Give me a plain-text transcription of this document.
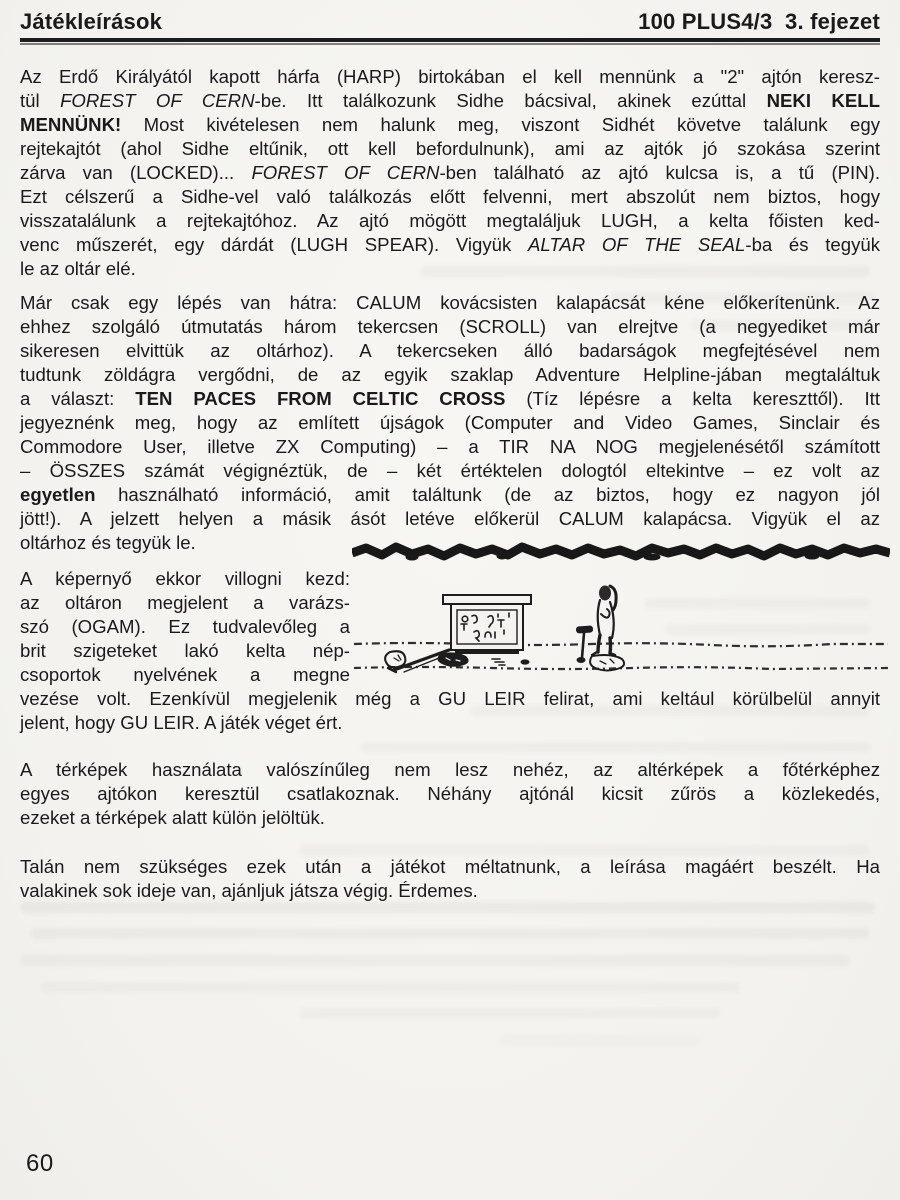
Játékleírások	100 PLUS4/3  3. fejezet
Az Erdő Királyától kapott hárfa (HARP) birtokában el kell mennünk a "2" ajtón keresz-
tül FOREST OF CERN-be. Itt találkozunk Sidhe bácsival, akinek ezúttal NEKI KELL
MENNÜNK! Most kivételesen nem halunk meg, viszont Sidhét követve találunk egy
rejtekajtót (ahol Sidhe eltűnik, ott kell befordulnunk), ami az ajtók jó szokása szerint
zárva van (LOCKED)... FOREST OF CERN-ben található az ajtó kulcsa is, a tű (PIN).
Ezt célszerű a Sidhe-vel való találkozás előtt felvenni, mert abszolút nem biztos, hogy
visszatalálunk a rejtekajtóhoz. Az ajtó mögött megtaláljuk LUGH, a kelta főisten ked-
venc műszerét, egy dárdát (LUGH SPEAR). Vigyük ALTAR OF THE SEAL-ba és tegyük
le az oltár elé.
Már csak egy lépés van hátra: CALUM kovácsisten kalapácsát kéne előkerítenünk. Az
ehhez szolgáló útmutatás három tekercsen (SCROLL) van elrejtve (a negyediket már
sikeresen elvittük az oltárhoz). A tekercseken álló badarságok megfejtésével nem
tudtunk zöldágra vergődni, de az egyik szaklap Adventure Helpline-jában megtaláltuk
a választ: TEN PACES FROM CELTIC CROSS (Tíz lépésre a kelta kereszttől). Itt
jegyeznénk meg, hogy az említett újságok (Computer and Video Games, Sinclair és
Commodore User, illetve ZX Computing) – a TIR NA NOG megjelenésétől számított
– ÖSSZES számát végignéztük, de – két értéktelen dologtól eltekintve – ez volt az
egyetlen használható információ, amit találtunk (de az biztos, hogy ez nagyon jól
jött!). A jelzett helyen a másik ásót letéve előkerül CALUM kalapácsa. Vigyük el az
oltárhoz és tegyük le.
A képernyő ekkor villogni kezd:
az oltáron megjelent a varázs-
szó (OGAM). Ez tudvalevőleg a
brit szigeteket lakó kelta nép-
csoportok nyelvének a megne
vezése volt. Ezenkívül megjelenik még a GU LEIR felirat, ami keltául körülbelül annyit
jelent, hogy GU LEIR. A játék véget ért.
A térképek használata valószínűleg nem lesz nehéz, az altérképek a főtérképhez
egyes ajtókon keresztül csatlakoznak. Néhány ajtónál kicsit zűrös a közlekedés,
ezeket a térképek alatt külön jelöltük.
Talán nem szükséges ezek után a játékot méltatnunk, a leírása magáért beszélt. Ha
valakinek sok ideje van, ajánljuk játsza végig. Érdemes.
60
